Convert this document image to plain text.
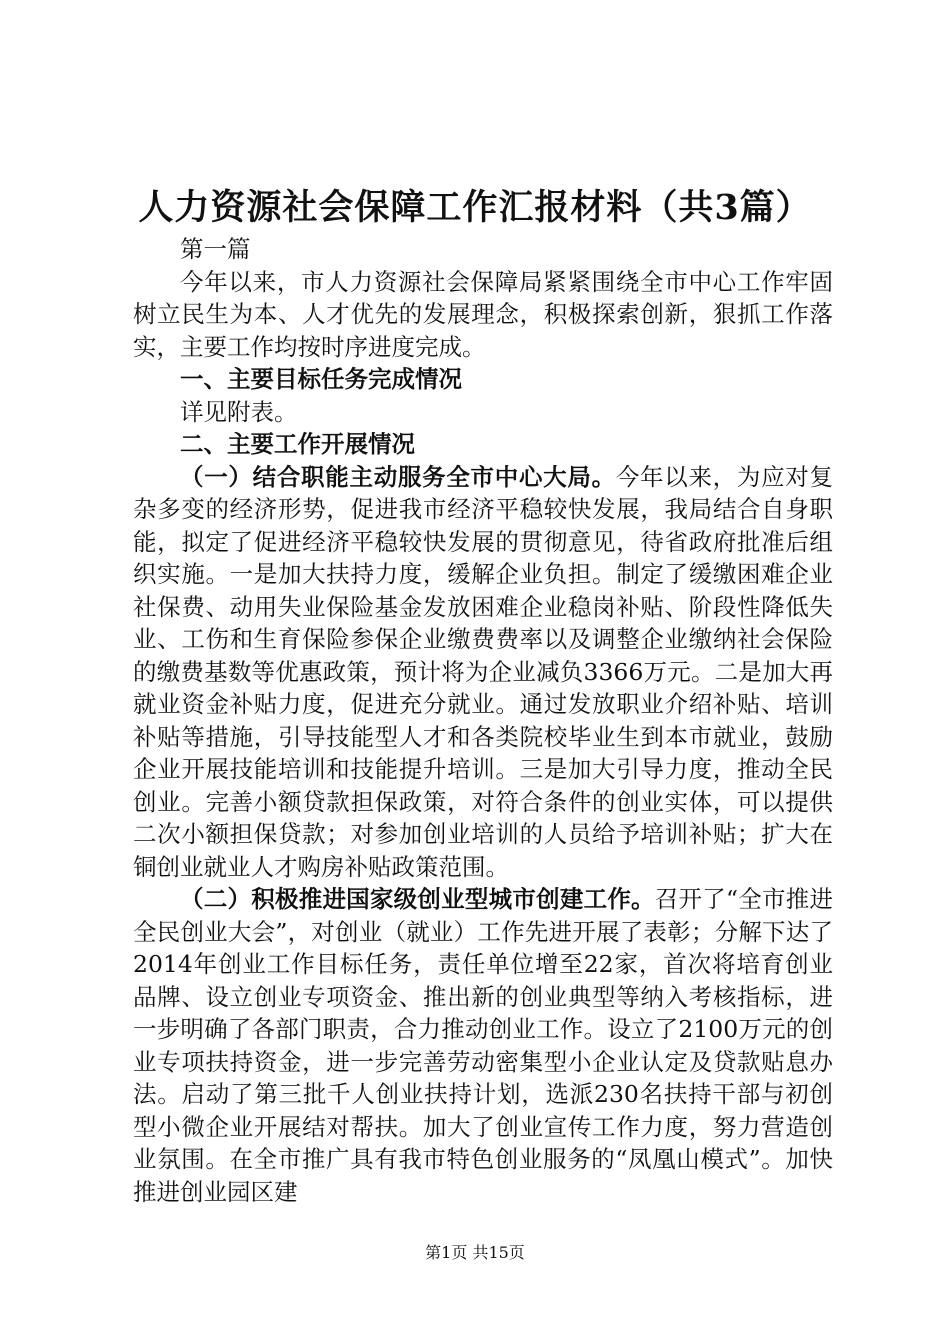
人力资源社会保障工作汇报材料（共3篇）

第一篇

今年以来，市人力资源社会保障局紧紧围绕全市中心工作牢固树立民生为本、人才优先的发展理念，积极探索创新，狠抓工作落实，主要工作均按时序进度完成。

一、主要目标任务完成情况

详见附表。

二、主要工作开展情况

（一）结合职能主动服务全市中心大局。今年以来，为应对复杂多变的经济形势，促进我市经济平稳较快发展，我局结合自身职能，拟定了促进经济平稳较快发展的贯彻意见，待省政府批准后组织实施。一是加大扶持力度，缓解企业负担。制定了缓缴困难企业社保费、动用失业保险基金发放困难企业稳岗补贴、阶段性降低失业、工伤和生育保险参保企业缴费费率以及调整企业缴纳社会保险的缴费基数等优惠政策，预计将为企业减负3366万元。二是加大再就业资金补贴力度，促进充分就业。通过发放职业介绍补贴、培训补贴等措施，引导技能型人才和各类院校毕业生到本市就业，鼓励企业开展技能培训和技能提升培训。三是加大引导力度，推动全民创业。完善小额贷款担保政策，对符合条件的创业实体，可以提供二次小额担保贷款；对参加创业培训的人员给予培训补贴；扩大在铜创业就业人才购房补贴政策范围。

（二）积极推进国家级创业型城市创建工作。召开了“全市推进全民创业大会”，对创业（就业）工作先进开展了表彰；分解下达了2014年创业工作目标任务，责任单位增至22家，首次将培育创业品牌、设立创业专项资金、推出新的创业典型等纳入考核指标，进一步明确了各部门职责，合力推动创业工作。设立了2100万元的创业专项扶持资金，进一步完善劳动密集型小企业认定及贷款贴息办法。启动了第三批千人创业扶持计划，选派230名扶持干部与初创型小微企业开展结对帮扶。加大了创业宣传工作力度，努力营造创业氛围。在全市推广具有我市特色创业服务的“凤凰山模式”。加快推进创业园区建

第1页 共15页
